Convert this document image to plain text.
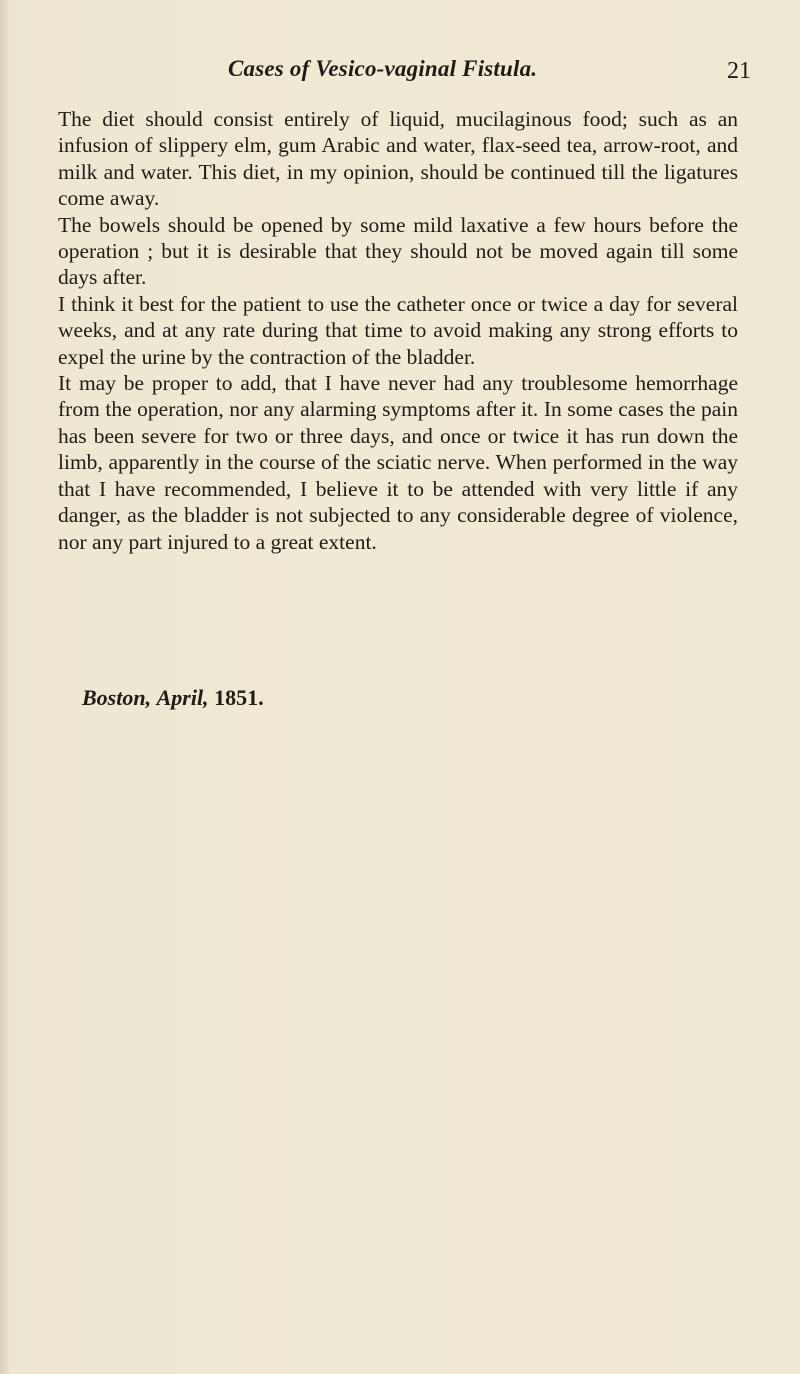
Cases of Vesico-vaginal Fistula.	21

The diet should consist entirely of liquid, mucilaginous food; such as an infusion of slippery elm, gum Arabic and water, flax-seed tea, arrow-root, and milk and water. This diet, in my opinion, should be continued till the ligatures come away.

The bowels should be opened by some mild laxative a few hours before the operation ; but it is desirable that they should not be moved again till some days after.

I think it best for the patient to use the catheter once or twice a day for several weeks, and at any rate during that time to avoid making any strong efforts to expel the urine by the contraction of the bladder.

It may be proper to add, that I have never had any troublesome hemorrhage from the operation, nor any alarming symptoms after it. In some cases the pain has been severe for two or three days, and once or twice it has run down the limb, apparently in the course of the sciatic nerve. When performed in the way that I have recommended, I believe it to be attended with very little if any danger, as the bladder is not subjected to any considerable degree of violence, nor any part injured to a great extent.

Boston, April, 1851.
